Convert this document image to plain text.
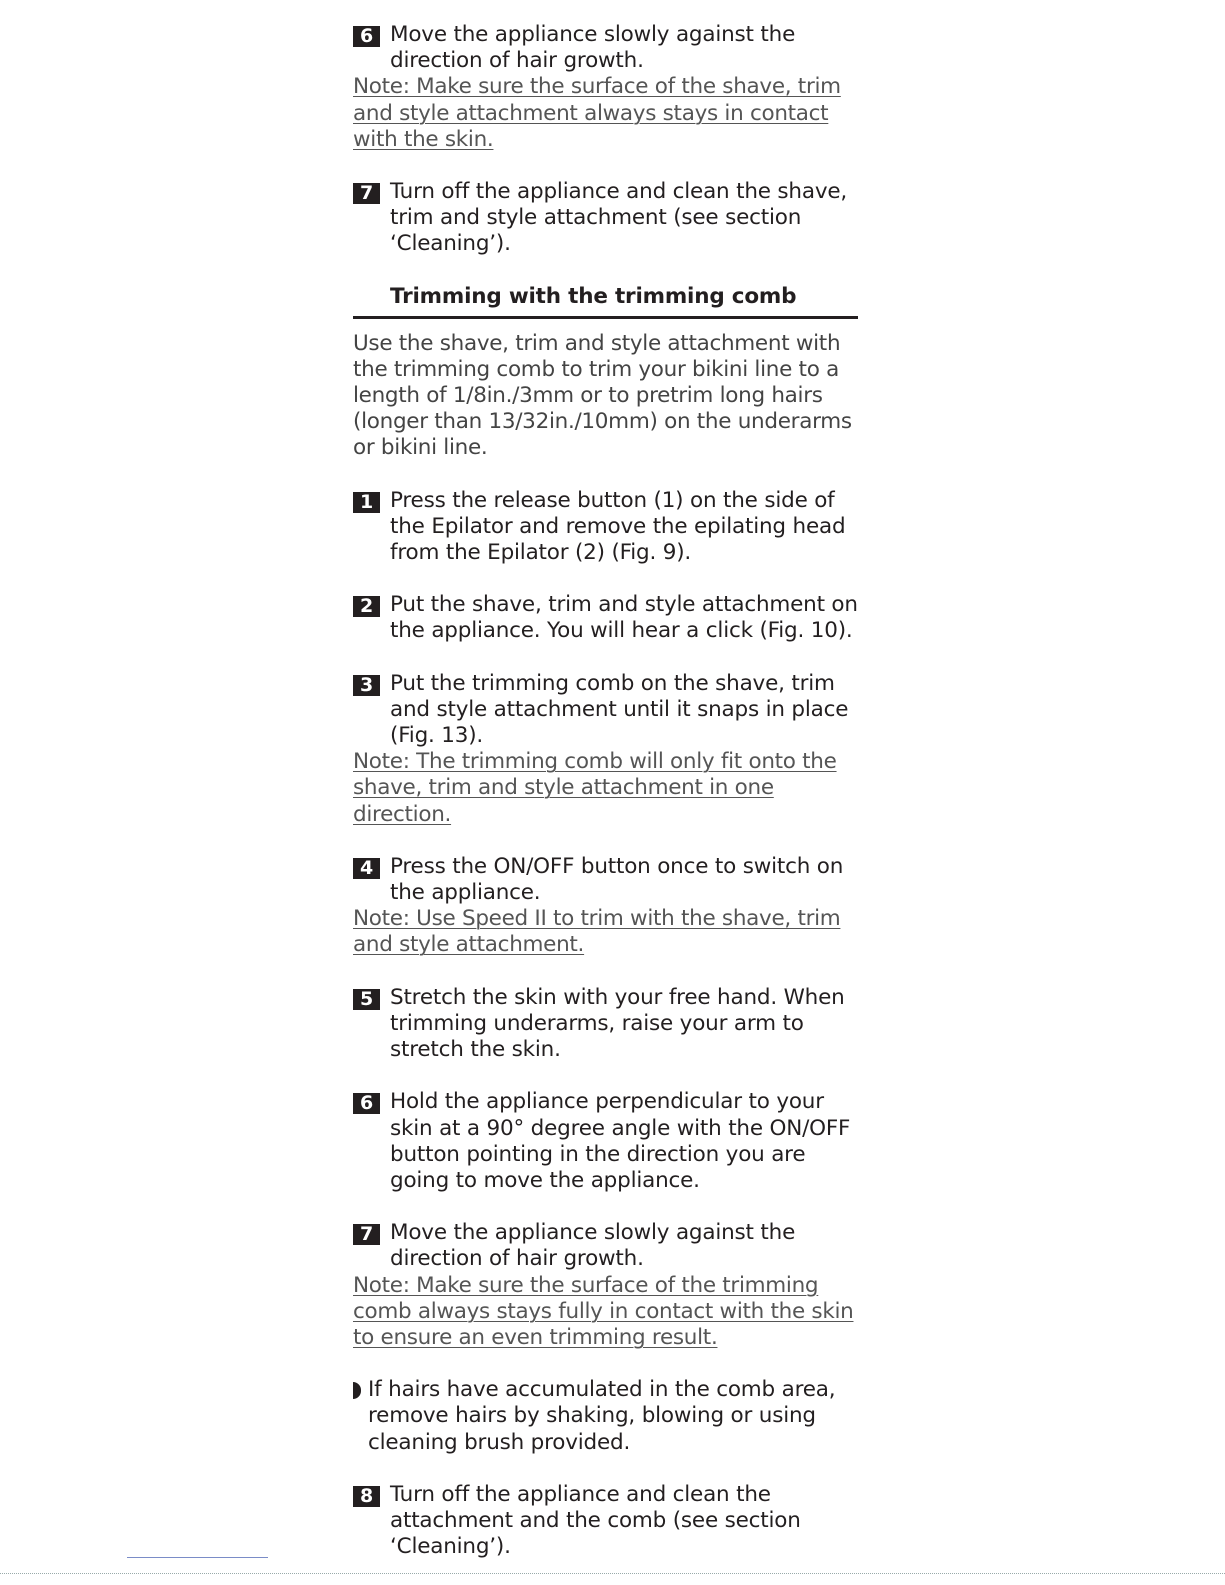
6 Move the appliance slowly against the direction of hair growth.
Note: Make sure the surface of the shave, trim and style attachment always stays in contact with the skin.
7 Turn off the appliance and clean the shave, trim and style attachment (see section ‘Cleaning’).
Trimming with the trimming comb
Use the shave, trim and style attachment with the trimming comb to trim your bikini line to a length of 1/8in./3mm or to pretrim long hairs (longer than 13/32in./10mm) on the underarms or bikini line.
1 Press the release button (1) on the side of the Epilator and remove the epilating head from the Epilator (2) (Fig. 9).
2 Put the shave, trim and style attachment on the appliance. You will hear a click (Fig. 10).
3 Put the trimming comb on the shave, trim and style attachment until it snaps in place (Fig. 13).
Note: The trimming comb will only fit onto the shave, trim and style attachment in one direction.
4 Press the ON/OFF button once to switch on the appliance.
Note: Use Speed II to trim with the shave, trim and style attachment.
5 Stretch the skin with your free hand. When trimming underarms, raise your arm to stretch the skin.
6 Hold the appliance perpendicular to your skin at a 90° degree angle with the ON/OFF button pointing in the direction you are going to move the appliance.
7 Move the appliance slowly against the direction of hair growth.
Note: Make sure the surface of the trimming comb always stays fully in contact with the skin to ensure an even trimming result.
If hairs have accumulated in the comb area, remove hairs by shaking, blowing or using cleaning brush provided.
8 Turn off the appliance and clean the attachment and the comb (see section ‘Cleaning’).
